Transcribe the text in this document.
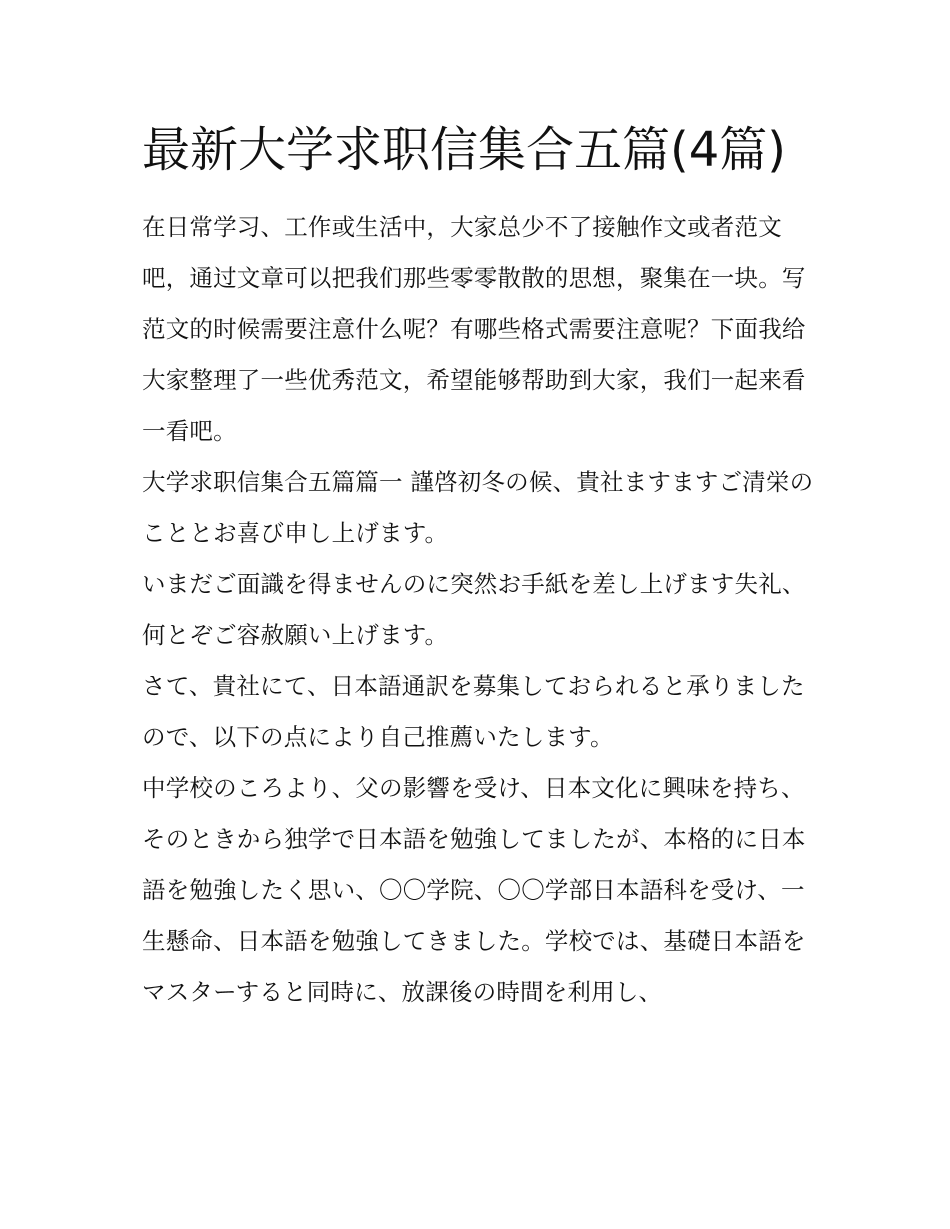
最新大学求职信集合五篇(4篇)

在日常学习、工作或生活中，大家总少不了接触作文或者范文吧，通过文章可以把我们那些零零散散的思想，聚集在一块。写范文的时候需要注意什么呢？有哪些格式需要注意呢？下面我给大家整理了一些优秀范文，希望能够帮助到大家，我们一起来看一看吧。

大学求职信集合五篇篇一 謹啓初冬の候、貴社ますますご清栄のこととお喜び申し上げます。

いまだご面識を得ませんのに突然お手紙を差し上げます失礼、何とぞご容赦願い上げます。

さて、貴社にて、日本語通訳を募集しておられると承りましたので、以下の点により自己推薦いたします。

中学校のころより、父の影響を受け、日本文化に興味を持ち、そのときから独学で日本語を勉強してましたが、本格的に日本語を勉強したく思い、〇〇学院、〇〇学部日本語科を受け、一生懸命、日本語を勉強してきました。学校では、基礎日本語をマスターすると同時に、放課後の時間を利用し、
